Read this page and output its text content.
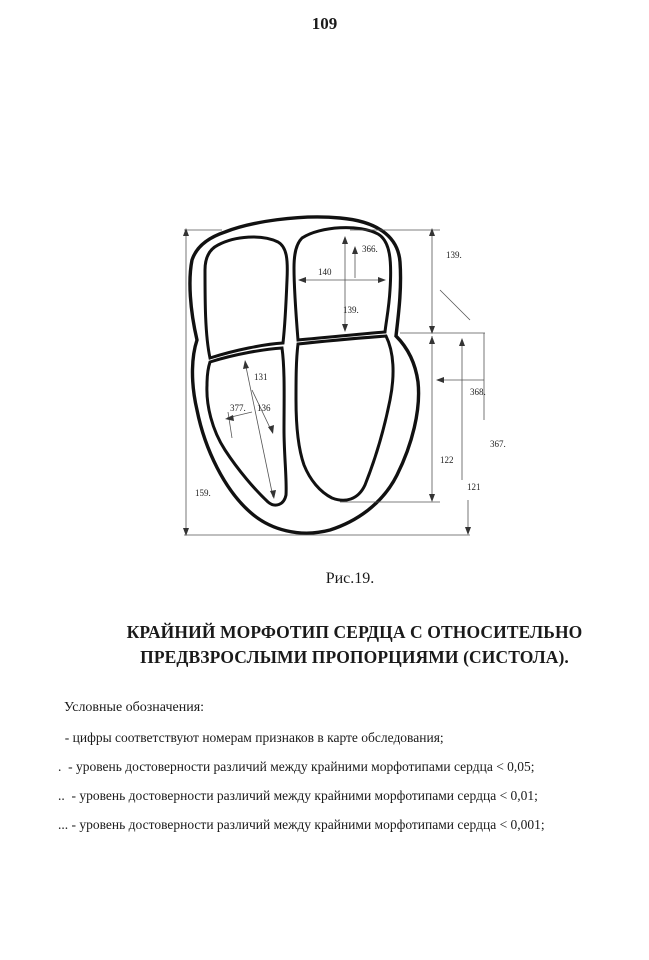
109
139.
366.
140
139.
131
377. 136
368.
367.
122
121
159.
Рис.19.
КРАЙНИЙ МОРФОТИП СЕРДЦА С ОТНОСИТЕЛЬНО
ПРЕДВЗРОСЛЫМИ ПРОПОРЦИЯМИ (СИСТОЛА).
Условные обозначения:
- цифры соответствуют номерам признаков в карте обследования;
.  - уровень достоверности различий между крайними морфотипами сердца < 0,05;
..  - уровень достоверности различий между крайними морфотипами сердца < 0,01;
... - уровень достоверности различий между крайними морфотипами сердца < 0,001;
